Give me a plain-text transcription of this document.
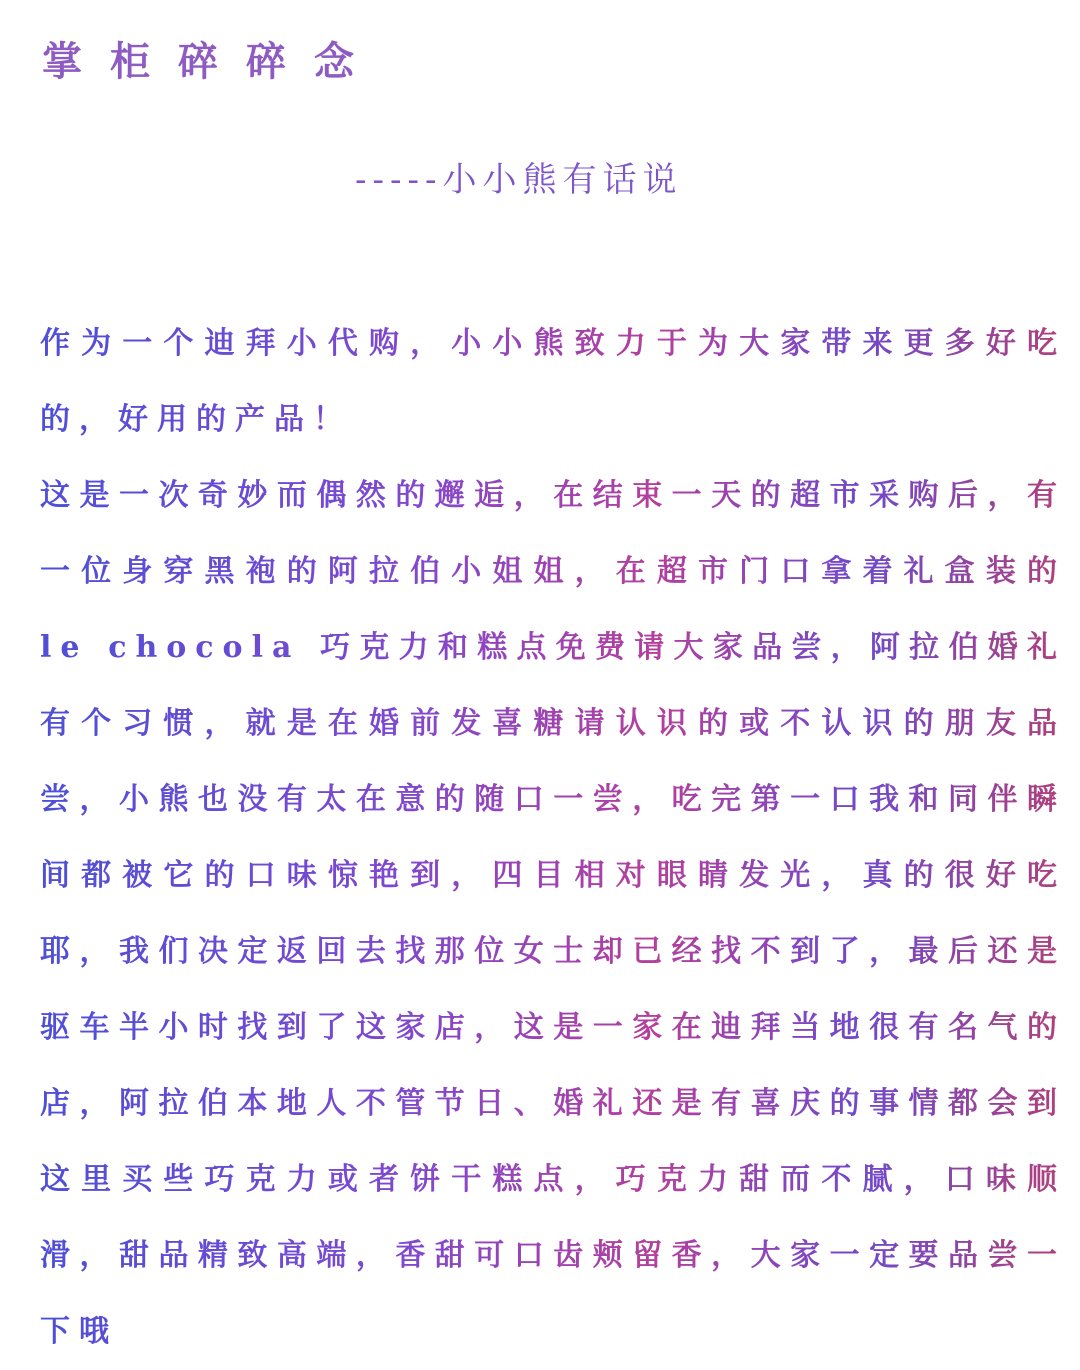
掌柜碎碎念
-----小小熊有话说

作为一个迪拜小代购，小小熊致力于为大家带来更多好吃的，好用的产品！

这是一次奇妙而偶然的邂逅，在结束一天的超市采购后，有一位身穿黑袍的阿拉伯小姐姐，在超市门口拿着礼盒装的 le chocola 巧克力和糕点免费请大家品尝，阿拉伯婚礼有个习惯，就是在婚前发喜糖请认识的或不认识的朋友品尝，小熊也没有太在意的随口一尝，吃完第一口我和同伴瞬间都被它的口味惊艳到，四目相对眼睛发光，真的很好吃耶，我们决定返回去找那位女士却已经找不到了，最后还是驱车半小时找到了这家店，这是一家在迪拜当地很有名气的店，阿拉伯本地人不管节日、婚礼还是有喜庆的事情都会到这里买些巧克力或者饼干糕点，巧克力甜而不腻，口味顺滑，甜品精致高端，香甜可口齿颊留香，大家一定要品尝一下哦
